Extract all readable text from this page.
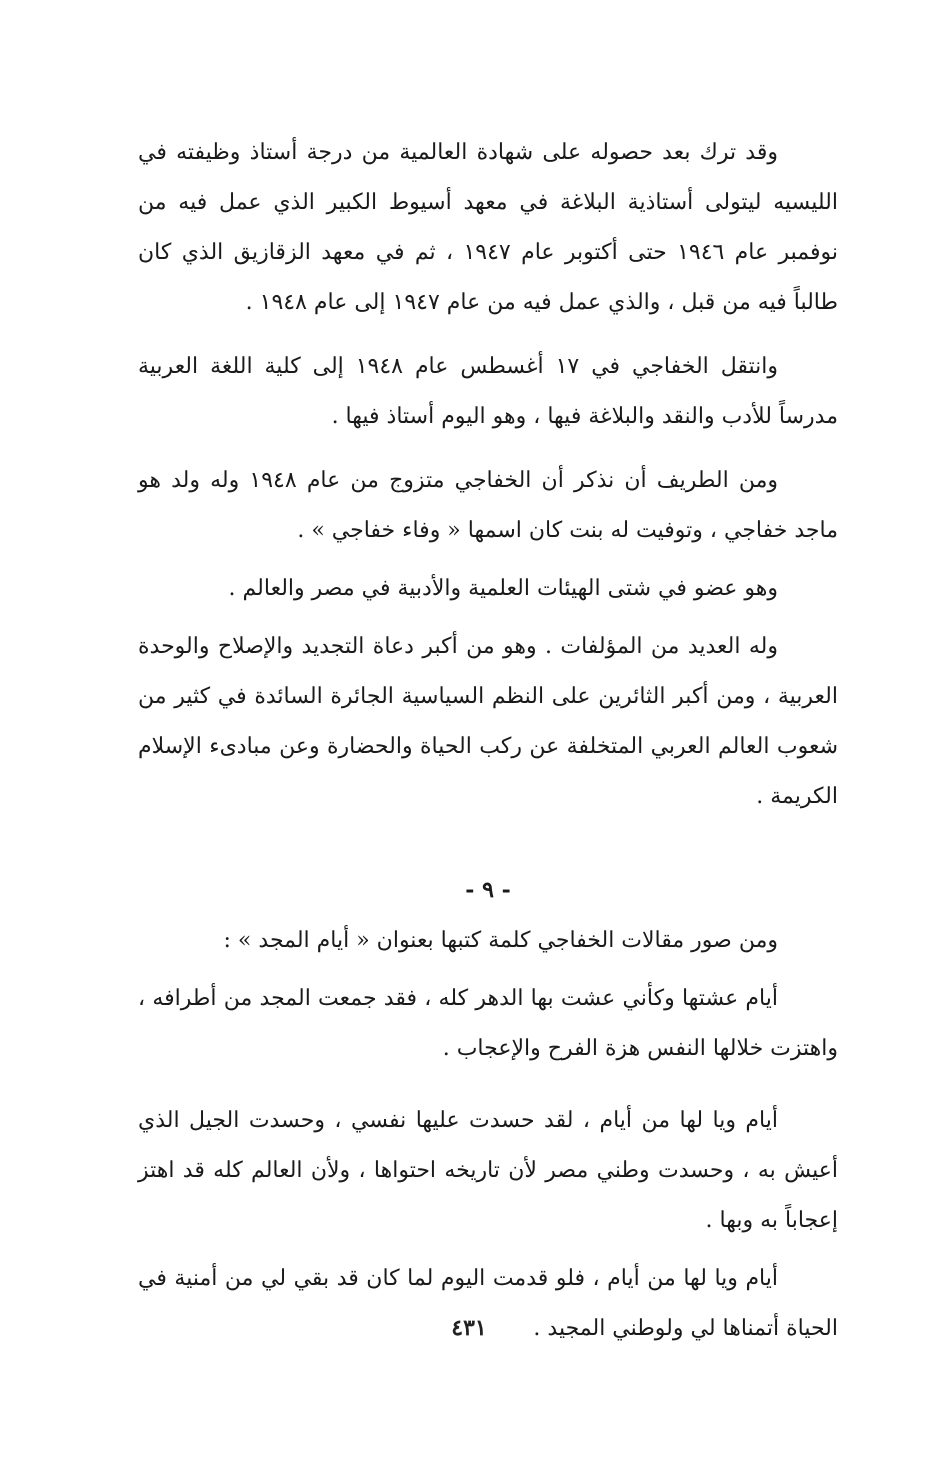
وقد ترك بعد حصوله على شهادة العالمية من درجة أستاذ وظيفته في الليسيه ليتولى أستاذية البلاغة في معهد أسيوط الكبير الذي عمل فيه من نوفمبر عام ١٩٤٦ حتى أكتوبر عام ١٩٤٧ ، ثم في معهد الزقازيق الذي كان طالباً فيه من قبل ، والذي عمل فيه من عام ١٩٤٧ إلى عام ١٩٤٨ .

وانتقل الخفاجي في ١٧ أغسطس عام ١٩٤٨ إلى كلية اللغة العربية مدرساً للأدب والنقد والبلاغة فيها ، وهو اليوم أستاذ فيها .

ومن الطريف أن نذكر أن الخفاجي متزوج من عام ١٩٤٨ وله ولد هو ماجد خفاجي ، وتوفيت له بنت كان اسمها « وفاء خفاجي » .

وهو عضو في شتى الهيئات العلمية والأدبية في مصر والعالم .

وله العديد من المؤلفات . وهو من أكبر دعاة التجديد والإصلاح والوحدة العربية ، ومن أكبر الثائرين على النظم السياسية الجائرة السائدة في كثير من شعوب العالم العربي المتخلفة عن ركب الحياة والحضارة وعن مبادىء الإسلام الكريمة .

- ٩ -

ومن صور مقالات الخفاجي كلمة كتبها بعنوان « أيام المجد » :

أيام عشتها وكأني عشت بها الدهر كله ، فقد جمعت المجد من أطرافه ، واهتزت خلالها النفس هزة الفرح والإعجاب .

أيام ويا لها من أيام ، لقد حسدت عليها نفسي ، وحسدت الجيل الذي أعيش به ، وحسدت وطني مصر لأن تاريخه احتواها ، ولأن العالم كله قد اهتز إعجاباً به وبها .

أيام ويا لها من أيام ، فلو قدمت اليوم لما كان قد بقي لي من أمنية في الحياة أتمناها لي ولوطني المجيد .

٤٣١
